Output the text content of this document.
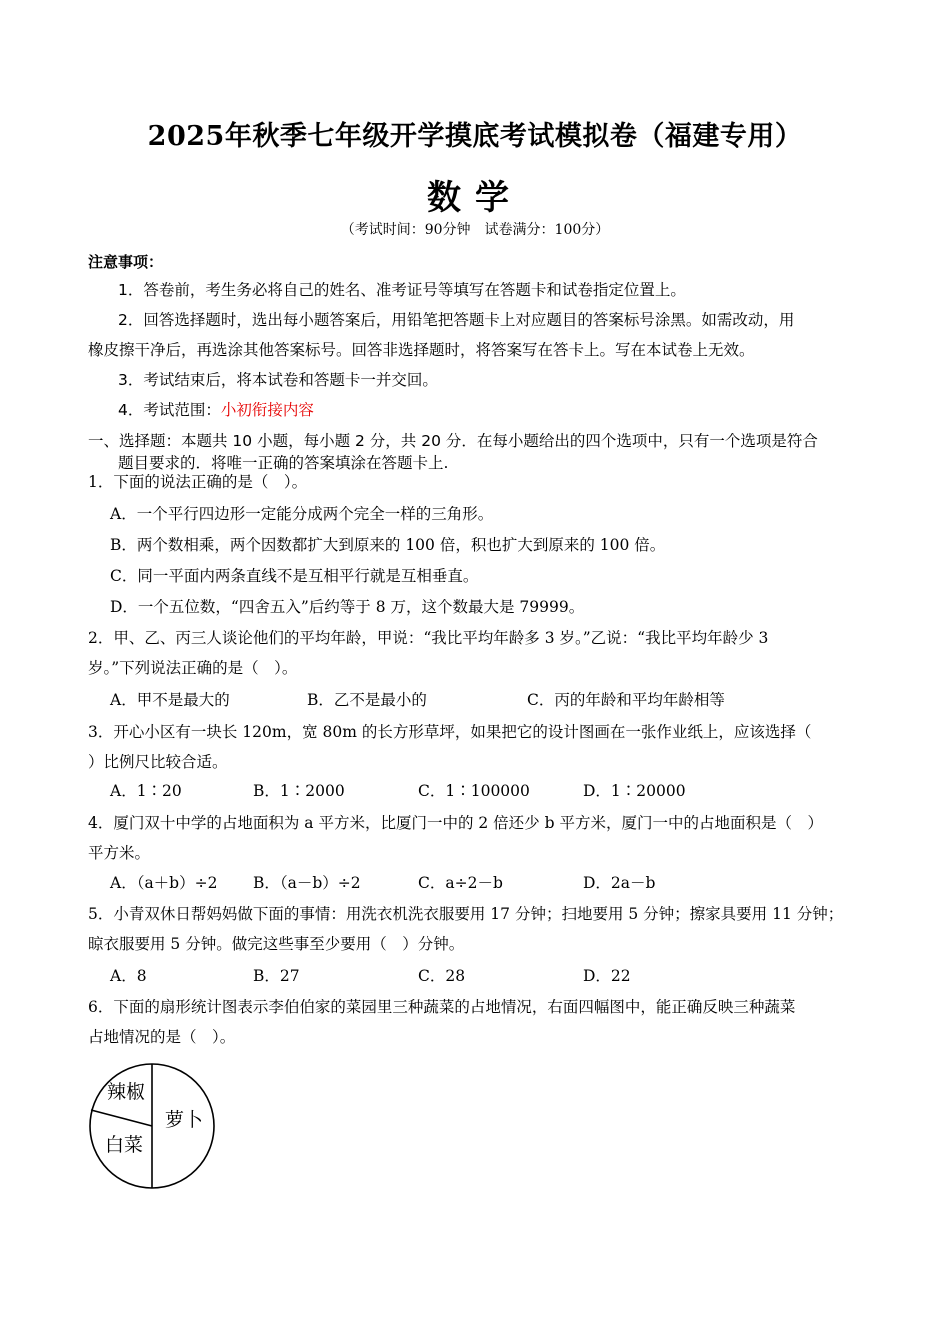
2025年秋季七年级开学摸底考试模拟卷（福建专用）
数学
（考试时间：90分钟　试卷满分：100分）
注意事项：
1．答卷前，考生务必将自己的姓名、准考证号等填写在答题卡和试卷指定位置上。
2．回答选择题时，选出每小题答案后，用铅笔把答题卡上对应题目的答案标号涂黑。如需改动，用
橡皮擦干净后，再选涂其他答案标号。回答非选择题时，将答案写在答卡上。写在本试卷上无效。
3．考试结束后，将本试卷和答题卡一并交回。
4．考试范围：小初衔接内容
一、选择题：本题共 10 小题，每小题 2 分，共 20 分．在每小题给出的四个选项中，只有一个选项是符合
题目要求的．将唯一正确的答案填涂在答题卡上.
1．下面的说法正确的是（　）。
A．一个平行四边形一定能分成两个完全一样的三角形。
B．两个数相乘，两个因数都扩大到原来的 100 倍，积也扩大到原来的 100 倍。
C．同一平面内两条直线不是互相平行就是互相垂直。
D．一个五位数，“四舍五入”后约等于 8 万，这个数最大是 79999。
2．甲、乙、丙三人谈论他们的平均年龄，甲说：“我比平均年龄多 3 岁。”乙说：“我比平均年龄少 3
岁。”下列说法正确的是（　）。
A．甲不是最大的	B．乙不是最小的	C．丙的年龄和平均年龄相等
3．开心小区有一块长 120m，宽 80m 的长方形草坪，如果把它的设计图画在一张作业纸上，应该选择（
）比例尺比较合适。
A．1∶20	B．1∶2000	C．1∶100000	D．1∶20000
4．厦门双十中学的占地面积为 a 平方米，比厦门一中的 2 倍还少 b 平方米，厦门一中的占地面积是（　）
平方米。
A．（a＋b）÷2 B．（a－b）÷2	C．a÷2－b	D．2a－b
5．小青双休日帮妈妈做下面的事情：用洗衣机洗衣服要用 17 分钟；扫地要用 5 分钟；擦家具要用 11 分钟；
晾衣服要用 5 分钟。做完这些事至少要用（　）分钟。
A．8	B．27	C．28	D．22
6．下面的扇形统计图表示李伯伯家的菜园里三种蔬菜的占地情况，右面四幅图中，能正确反映三种蔬菜
占地情况的是（　）。
辣椒
白菜
萝卜
